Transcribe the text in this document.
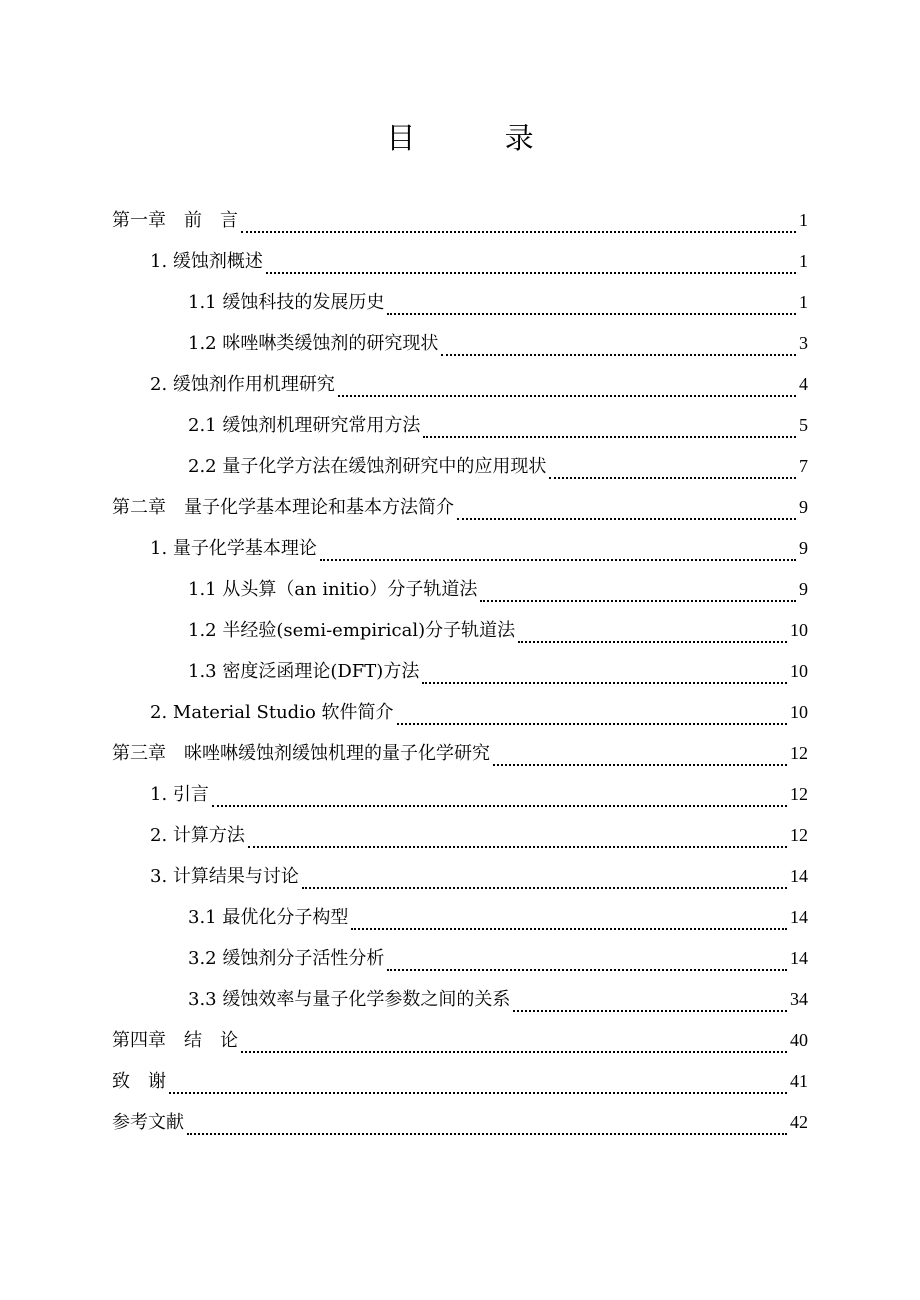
目 录
第一章　前　言	1
1. 缓蚀剂概述	1
1.1 缓蚀科技的发展历史	1
1.2 咪唑啉类缓蚀剂的研究现状	3
2. 缓蚀剂作用机理研究	4
2.1 缓蚀剂机理研究常用方法	5
2.2 量子化学方法在缓蚀剂研究中的应用现状	7
第二章　量子化学基本理论和基本方法简介	9
1. 量子化学基本理论	9
1.1 从头算（an initio）分子轨道法	9
1.2 半经验(semi-empirical)分子轨道法	10
1.3 密度泛函理论(DFT)方法	10
2. Material Studio 软件简介	10
第三章　咪唑啉缓蚀剂缓蚀机理的量子化学研究	12
1. 引言	12
2. 计算方法	12
3. 计算结果与讨论	14
3.1 最优化分子构型	14
3.2 缓蚀剂分子活性分析	14
3.3 缓蚀效率与量子化学参数之间的关系	34
第四章　结　论	40
致　谢	41
参考文献	42
